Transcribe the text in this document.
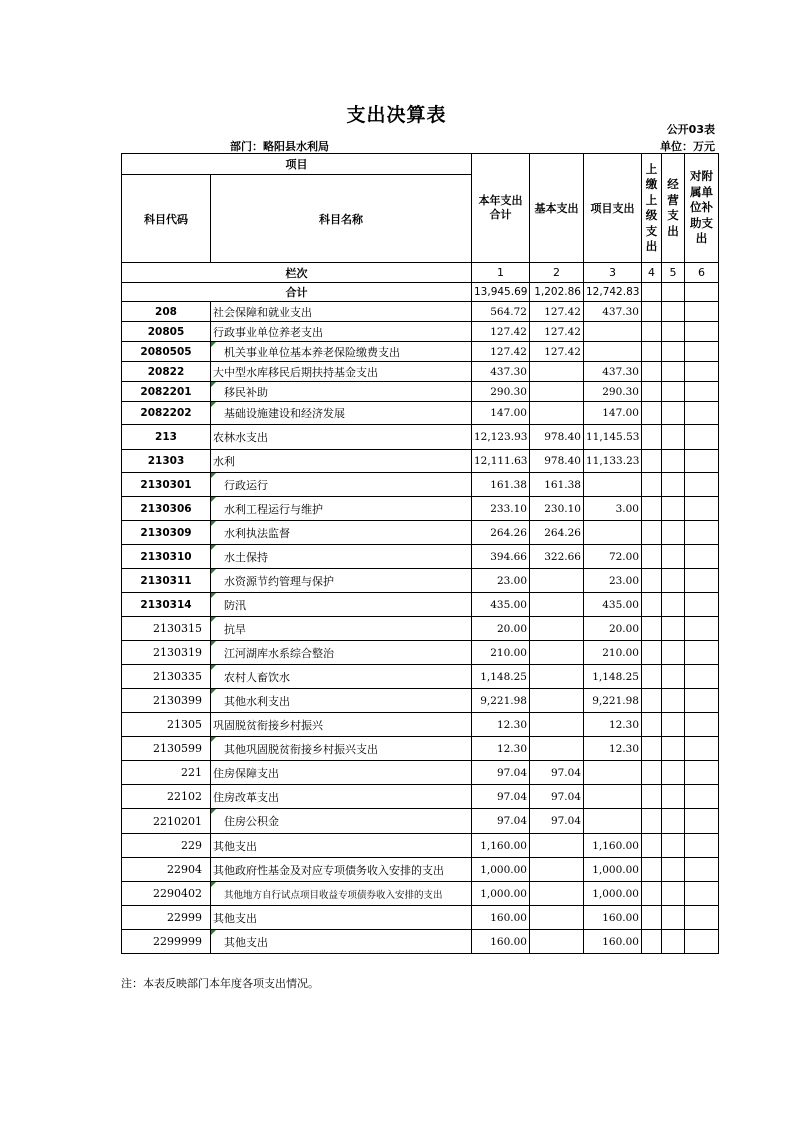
支出决算表
公开03表
部门：略阳县水利局	单位：万元
项目		本年支出合计	基本支出	项目支出	上缴上级支出	经营支出	对附属单位补助支出

科目代码	科目名称						
栏次		1	2	3	4	5	6
合计		13,945.69	1,202.86	12,742.83			
208	社会保障和就业支出	564.72	127.42	437.30			
20805	行政事业单位养老支出	127.42	127.42				
2080505	机关事业单位基本养老保险缴费支出	127.42	127.42				
20822	大中型水库移民后期扶持基金支出	437.30		437.30			
2082201	移民补助	290.30		290.30			
2082202	基础设施建设和经济发展	147.00		147.00			
213	农林水支出	12,123.93	978.40	11,145.53			
21303	水利	12,111.63	978.40	11,133.23			
2130301	行政运行	161.38	161.38				
2130306	水利工程运行与维护	233.10	230.10	3.00			
2130309	水利执法监督	264.26	264.26				
2130310	水土保持	394.66	322.66	72.00			
2130311	水资源节约管理与保护	23.00		23.00			
2130314	防汛	435.00		435.00			
2130315	抗旱	20.00		20.00			
2130319	江河湖库水系综合整治	210.00		210.00			
2130335	农村人畜饮水	1,148.25		1,148.25			
2130399	其他水利支出	9,221.98		9,221.98			
21305	巩固脱贫衔接乡村振兴	12.30		12.30			
2130599	其他巩固脱贫衔接乡村振兴支出	12.30		12.30			
221	住房保障支出	97.04	97.04				
22102	住房改革支出	97.04	97.04				
2210201	住房公积金	97.04	97.04				
229	其他支出	1,160.00		1,160.00			
22904	其他政府性基金及对应专项债务收入安排的支出	1,000.00		1,000.00			
2290402	其他地方自行试点项目收益专项债券收入安排的支出	1,000.00		1,000.00			
22999	其他支出	160.00		160.00			
2299999	其他支出	160.00		160.00			
注：本表反映部门本年度各项支出情况。
